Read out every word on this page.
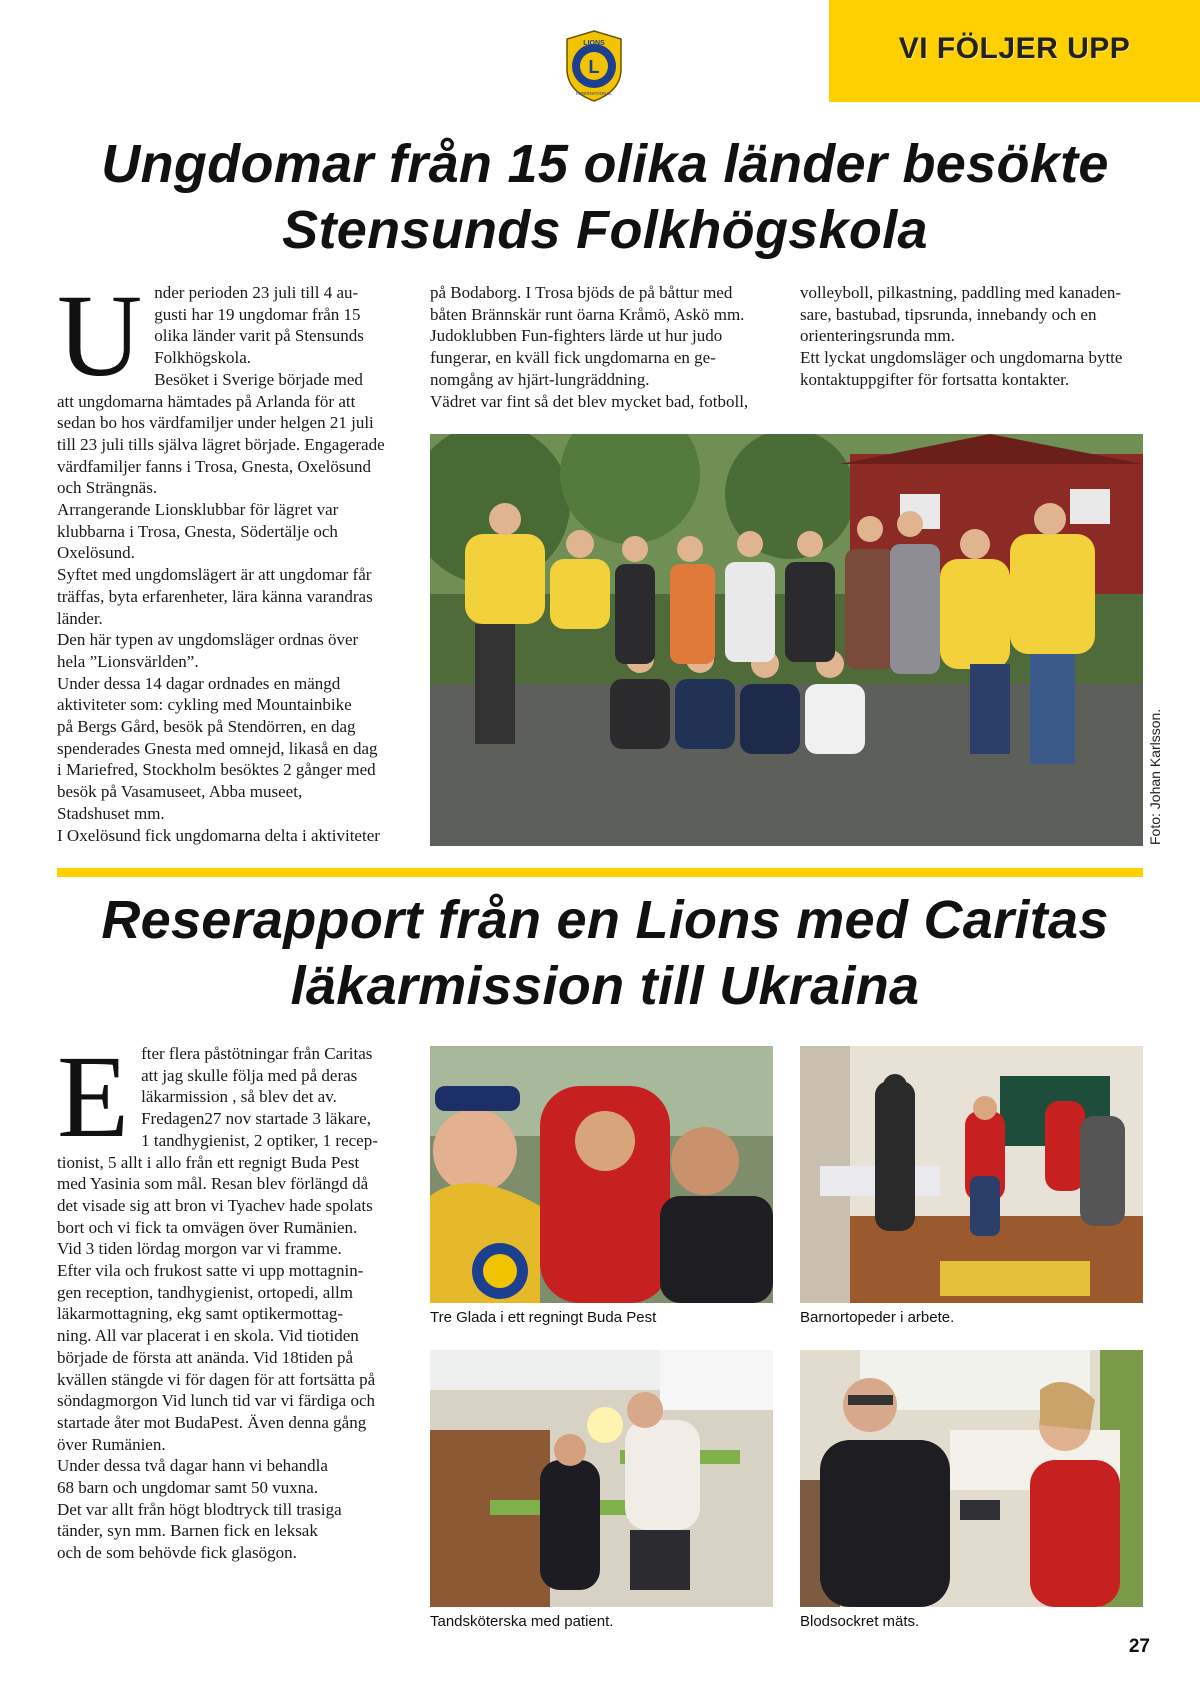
VI FÖLJER UPP
L
LIONS
INTERNATIONAL
Ungdomar från 15 olika länder besökte
Stensunds Folkhögskola
U nder perioden 23 juli till 4 au-

gusti har 19 ungdomar från 15

olika länder varit på Stensunds

Folkhögskola.

Besöket i Sverige började med

att ungdomarna hämtades på Arlanda för att

sedan bo hos värdfamiljer under helgen 21 juli

till 23 juli tills själva lägret började. Engagerade

värdfamiljer fanns i Trosa, Gnesta, Oxelösund

och Strängnäs.

Arrangerande Lionsklubbar för lägret var

klubbarna i Trosa, Gnesta, Södertälje och

Oxelösund.

Syftet med ungdomslägert är att ungdomar får

träffas, byta erfarenheter, lära känna varandras

länder.

Den här typen av ungdomsläger ordnas över

hela ”Lionsvärlden”.

Under dessa 14 dagar ordnades en mängd

aktiviteter som: cykling med Mountainbike

på Bergs Gård, besök på Stendörren, en dag

spenderades Gnesta med omnejd, likaså en dag

i Mariefred, Stockholm besöktes 2 gånger med

besök på Vasamuseet, Abba museet,

Stadshuset mm.

I Oxelösund fick ungdomarna delta i aktiviteter

på Bodaborg. I Trosa bjöds de på båttur med

båten Brännskär runt öarna Kråmö, Askö mm.

Judoklubben Fun-fighters lärde ut hur judo

fungerar, en kväll fick ungdomarna en ge-

nomgång av hjärt-lungräddning.

Vädret var fint så det blev mycket bad, fotboll,

volleyboll, pilkastning, paddling med kanaden-

sare, bastubad, tipsrunda, innebandy och en

orienteringsrunda mm.

Ett lyckat ungdomsläger och ungdomarna bytte

kontaktuppgifter för fortsatta kontakter.

Foto: Johan Karlsson.
Reserapport från en Lions med Caritas
läkarmission till Ukraina
E fter flera påstötningar från Caritas

att jag skulle följa med på deras

läkarmission , så blev det av.

Fredagen27 nov startade 3 läkare,

1 tandhygienist, 2 optiker, 1 recep-

tionist, 5 allt i allo från ett regnigt Buda Pest

med Yasinia som mål. Resan blev förlängd då

det visade sig att bron vi Tyachev hade spolats

bort och vi fick ta omvägen över Rumänien.

Vid 3 tiden lördag morgon var vi framme.

Efter vila och frukost satte vi upp mottagnin-

gen reception, tandhygienist, ortopedi, allm

läkarmottagning, ekg samt optikermottag-

ning. All var placerat i en skola. Vid tiotiden

började de första att anända. Vid 18tiden på

kvällen stängde vi för dagen för att fortsätta på

söndagmorgon Vid lunch tid var vi färdiga och

startade åter mot BudaPest. Även denna gång

över Rumänien.

Under dessa två dagar hann vi behandla

68 barn och ungdomar samt 50 vuxna.

Det var allt från högt blodtryck till trasiga

tänder, syn mm. Barnen fick en leksak

och de som behövde fick glasögon.

Tre Glada i ett regningt Buda Pest	Barnortopeder i arbete.
Tandsköterska med patient.	Blodsockret mäts.
27
